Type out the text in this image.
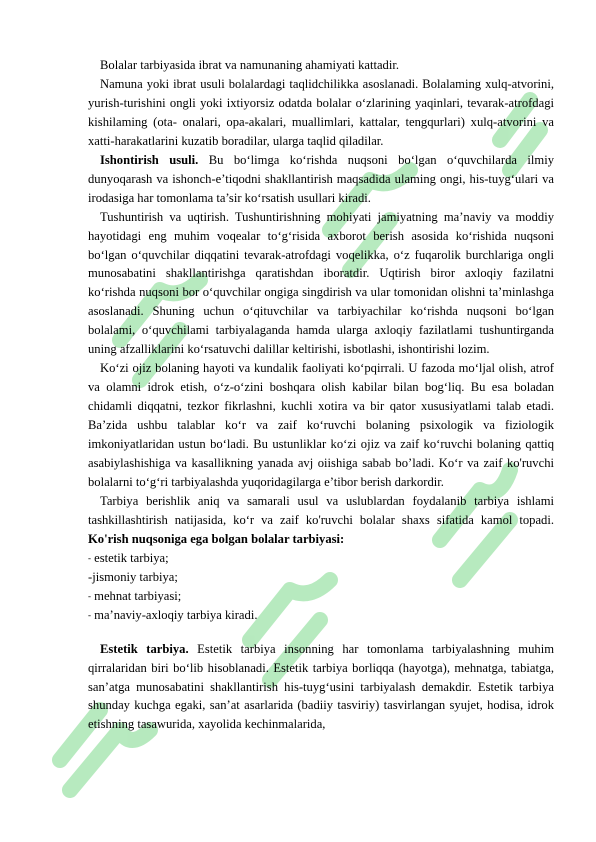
Bolalar tarbiyasida ibrat va namunaning ahamiyati kattadir.

Namuna yoki ibrat usuli bolalardagi taqlidchilikka asoslanadi. Bolalaming xulq-atvorini, yurish-turishini ongli yoki ixtiyorsiz odatda bolalar o‘zlarining yaqinlari, tevarak-atrofdagi kishilaming (ota- onalari, opa-akalari, muallimlari, kattalar, tengqurlari) xulq-atvorini va xatti-harakatlarini kuzatib boradilar, ularga taqlid qiladilar.

Ishontirish usuli. Bu bo‘limga ko‘rishda nuqsoni bo‘lgan o‘quvchilarda ilmiy dunyoqarash va ishonch-e’tiqodni shakllantirish maqsadida ulaming ongi, his-tuyg‘ulari va irodasiga har tomonlama ta’sir ko‘rsatish usullari kiradi.

Tushuntirish va uqtirish. Tushuntirishning mohiyati jamiyatning ma’naviy va moddiy hayotidagi eng muhim voqealar to‘g‘risida axborot berish asosida ko‘rishida nuqsoni bo‘lgan o‘quvchilar diqqatini tevarak-atrofdagi voqelikka, o‘z fuqarolik burchlariga ongli munosabatini shakllantirishga qaratishdan iboratdir. Uqtirish biror axloqiy fazilatni ko‘rishda nuqsoni bor o‘quvchilar ongiga singdirish va ular tomonidan olishni ta’minlashga asoslanadi. Shuning uchun o‘qituvchilar va tarbiyachilar ko‘rishda nuqsoni bo‘lgan bolalami, o‘quvchilami tarbiyalaganda hamda ularga axloqiy fazilatlami tushuntirganda uning afzalliklarini ko‘rsatuvchi dalillar keltirishi, isbotlashi, ishontirishi lozim.

Ko‘zi ojiz bolaning hayoti va kundalik faoliyati ko‘pqirrali. U fazoda mo‘ljal olish, atrof va olamni idrok etish, o‘z-o‘zini boshqara olish kabilar bilan bog‘liq. Bu esa boladan chidamli diqqatni, tezkor fikrlashni, kuchli xotira va bir qator xususiyatlami talab etadi. Ba’zida ushbu talablar ko‘r va zaif ko‘ruvchi bolaning psixologik va fiziologik imkoniyatlaridan ustun bo‘ladi. Bu ustunliklar ko‘zi ojiz va zaif ko‘ruvchi bolaning qattiq asabiylashishiga va kasallikning yanada avj oiishiga sabab bo’ladi. Ko‘r va zaif ko'ruvchi bolalarni to‘g‘ri tarbiyalashda yuqoridagilarga e’tibor berish darkordir.

Tarbiya berishlik aniq va samarali usul va uslublardan foydalanib tarbiya ishlami tashkillashtirish natijasida, ko‘r va zaif ko'ruvchi bolalar shaxs sifatida kamol topadi. Ko'rish nuqsoniga ega bolgan bolalar tarbiyasi:

- estetik tarbiya;

-jismoniy tarbiya;

- mehnat tarbiyasi;

- ma’naviy-axloqiy tarbiya kiradi.

Estetik tarbiya. Estetik tarbiya insonning har tomonlama tarbiyalashning muhim qirralaridan biri bo‘lib hisoblanadi. Estetik tarbiya borliqqa (hayotga), mehnatga, tabiatga, san’atga munosabatini shakllantirish his-tuyg‘usini tarbiyalash demakdir. Estetik tarbiya shunday kuchga egaki, san’at asarlarida (badiiy tasviriy) tasvirlangan syujet, hodisa, idrok etishning tasawurida, xayolida kechinmalarida,
